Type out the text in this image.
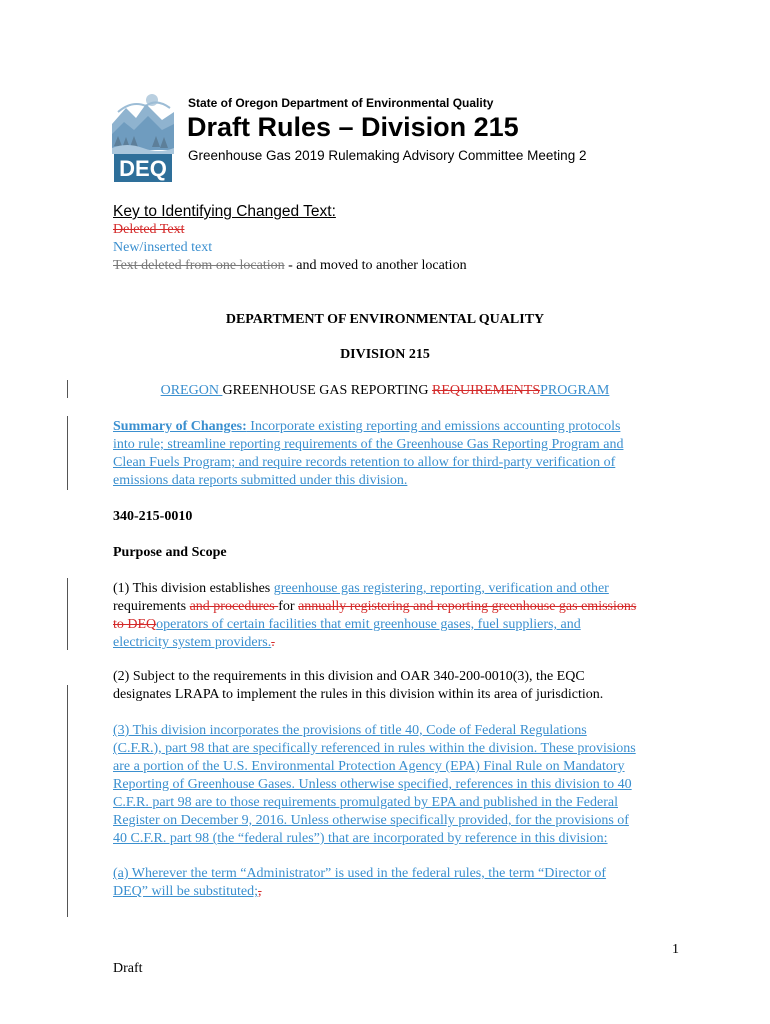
DEQ
State of Oregon Department of Environmental Quality
Draft Rules – Division 215
Greenhouse Gas 2019 Rulemaking Advisory Committee Meeting 2
Key to Identifying Changed Text:
Deleted Text
New/inserted text
Text deleted from one location - and moved to another location
DEPARTMENT OF ENVIRONMENTAL QUALITY
DIVISION 215
OREGON GREENHOUSE GAS REPORTING REQUIREMENTSPROGRAM
Summary of Changes: Incorporate existing reporting and emissions accounting protocols
into rule; streamline reporting requirements of the Greenhouse Gas Reporting Program and
Clean Fuels Program; and require records retention to allow for third-party verification of
emissions data reports submitted under this division.
340-215-0010
Purpose and Scope
(1) This division establishes greenhouse gas registering, reporting, verification and other
requirements and procedures for annually registering and reporting greenhouse gas emissions
to DEQoperators of certain facilities that emit greenhouse gases, fuel suppliers, and
electricity system providers..
(2) Subject to the requirements in this division and OAR 340-200-0010(3), the EQC
designates LRAPA to implement the rules in this division within its area of jurisdiction.
(3) This division incorporates the provisions of title 40, Code of Federal Regulations
(C.F.R.), part 98 that are specifically referenced in rules within the division. These provisions
are a portion of the U.S. Environmental Protection Agency (EPA) Final Rule on Mandatory
Reporting of Greenhouse Gases. Unless otherwise specified, references in this division to 40
C.F.R. part 98 are to those requirements promulgated by EPA and published in the Federal
Register on December 9, 2016. Unless otherwise specifically provided, for the provisions of
40 C.F.R. part 98 (the “federal rules”) that are incorporated by reference in this division:
(a) Wherever the term “Administrator” is used in the federal rules, the term “Director of
DEQ” will be substituted;,
1
Draft
